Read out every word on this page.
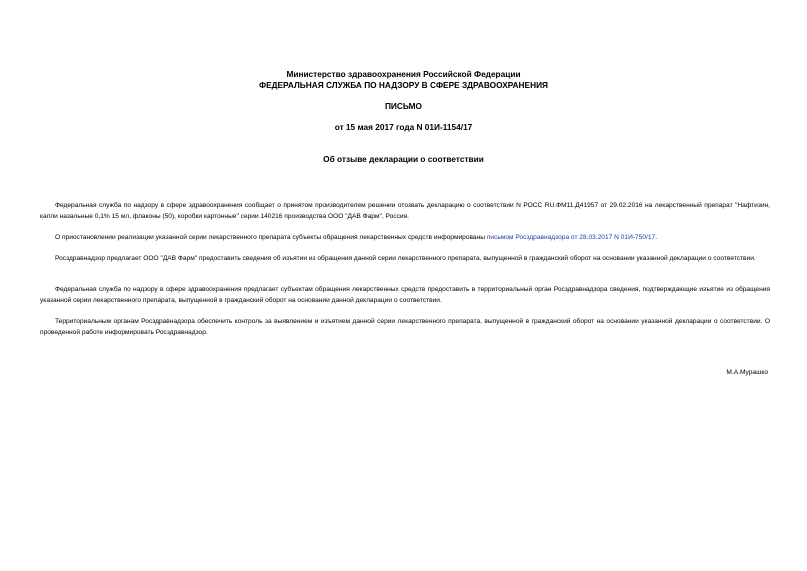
Министерство здравоохранения Российской Федерации
ФЕДЕРАЛЬНАЯ СЛУЖБА ПО НАДЗОРУ В СФЕРЕ ЗДРАВООХРАНЕНИЯ
ПИСЬМО
от 15 мая 2017 года N 01И-1154/17
Об отзыве декларации о соответствии

Федеральная служба по надзору в сфере здравоохранения сообщает о принятом производителем решении отозвать декларацию о соответствии N РОСС RU.ФМ11.Д41957 от 29.02.2016 на лекарственный препарат "Нафтизин, капли назальные 0,1% 15 мл, флаконы (50), коробки картонные" серии 140216 производства ООО "ДАВ Фарм", Россия.

О приостановлении реализации указанной серии лекарственного препарата субъекты обращения лекарственных средств информированы письмом Росздравнадзора от 28.03.2017 N 01И-750/17.

Росздравнадзор предлагает ООО "ДАВ Фарм" предоставить сведения об изъятии из обращения данной серии лекарственного препарата, выпущенной в гражданский оборот на основании указанной декларации о соответствии.

Федеральная служба по надзору в сфере здравоохранения предлагает субъектам обращения лекарственных средств предоставить в территориальный орган Росздравнадзора сведения, подтверждающие изъятие из обращения указанной серии лекарственного препарата, выпущенной в гражданский оборот на основании данной декларации о соответствии.

Территориальным органам Росздравнадзора обеспечить контроль за выявлением и изъятием данной серии лекарственного препарата, выпущенной в гражданский оборот на основании указанной декларации о соответствии. О проведенной работе информировать Росздравнадзор.

М.А.Мурашко
